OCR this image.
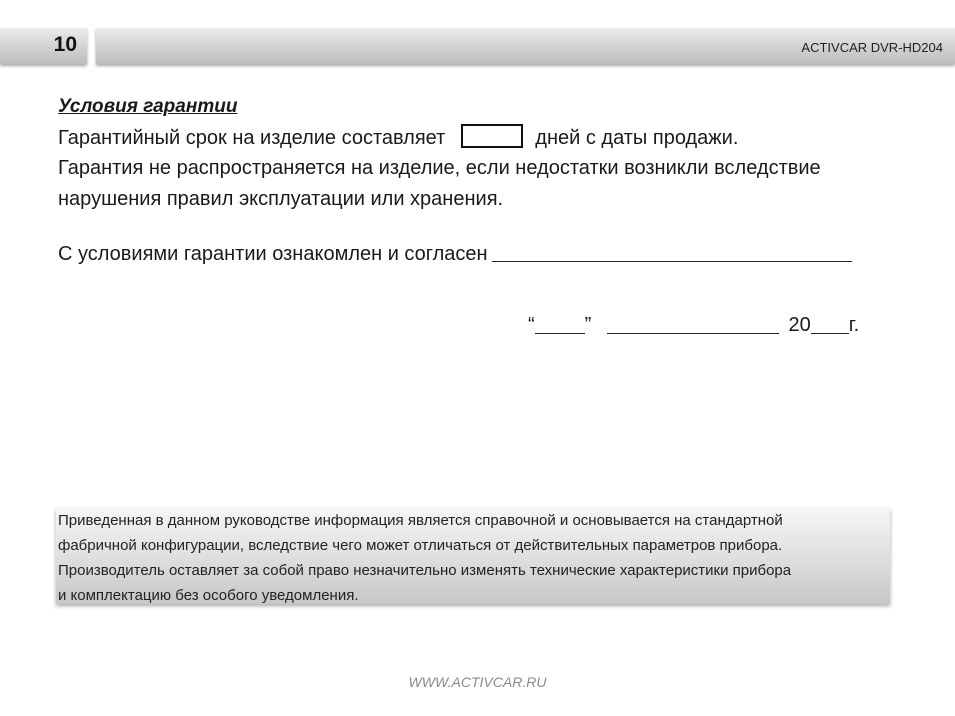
10	ACTIVCAR DVR-HD204
Условия гарантии
Гарантийный срок на изделие составляет	дней с даты продажи.
Гарантия не распространяется на изделие, если недостатки возникли вследствие
нарушения правил эксплуатации или хранения.
С условиями гарантии ознакомлен и согласен
“	”	20 г.

Приведенная в данном руководстве информация является справочной и основывается на стандартной

фабричной конфигурации, вследствие чего может отличаться от действительных параметров прибора.

Производитель оставляет за собой право незначительно изменять технические характеристики прибора

и комплектацию без особого уведомления.

WWW.ACTIVCAR.RU
